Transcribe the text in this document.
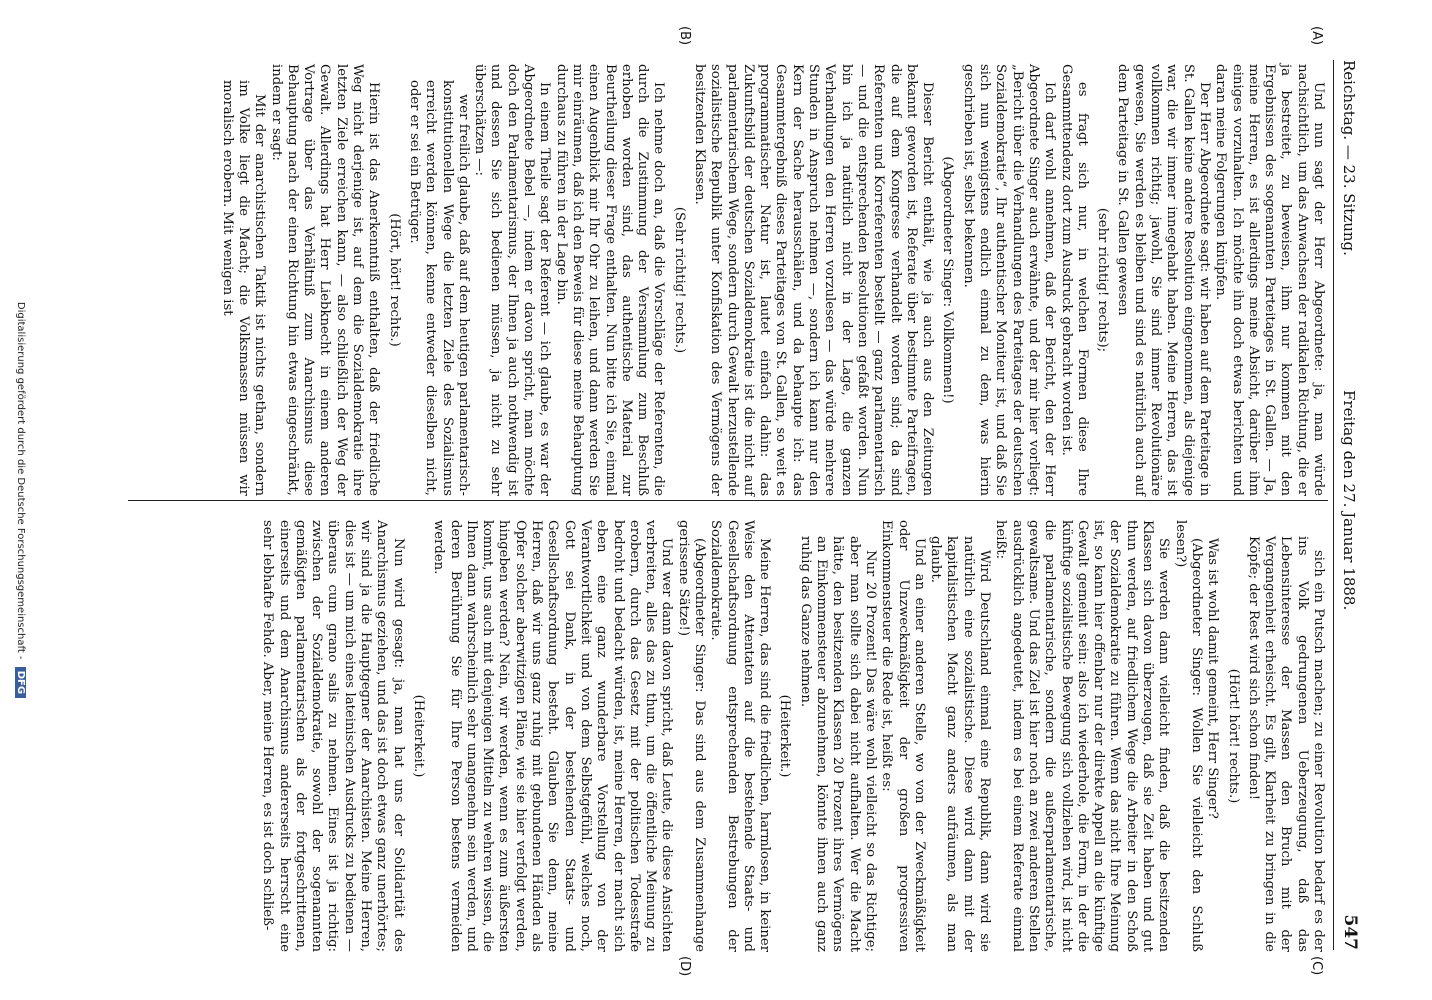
Reichstag. — 23. Sitzung.
Freitag den 27. Januar 1888.
547

Und nun sagt der Herr Abgeordnete: ja, man würde nachsichtlich, um das Anwachsen der radikalen Richtung, die er ja bestreitet, zu beweisen, ihm nur kommen mit den Ergebnissen des sogenannten Parteitages in St. Gallen. — Ja, meine Herren, es ist allerdings meine Absicht, darüber ihm einiges vorzuhalten. Ich möchte ihn doch etwas berichten und daran meine Folgerungen knüpfen.

Der Herr Abgeordnete sagt: wir haben auf dem Parteitage in St. Gallen keine andere Resolution eingenommen, als diejenige war, die wir immer innegehabt haben. Meine Herren, das ist vollkommen richtig; jawohl, Sie sind immer Revolutionäre gewesen, Sie werden es bleiben und sind es natürlich auch auf dem Parteitage in St. Gallen gewesen

(sehr richtig! rechts);

es fragt sich nur, in welchen Formen diese Ihre Gesammttendenz dort zum Ausdruck gebracht worden ist.

Ich darf wohl annehmen, daß der Bericht, den der Herr Abgeordnete Singer auch erwähnte, und der mir hier vorliegt: „Bericht über die Verhandlungen des Parteitages der deutschen Sozialdemokratie“, Ihr authentischer Moniteur ist, und daß Sie sich nun wenigstens endlich einmal zu dem, was hierin geschrieben ist, selbst bekennen.

(Abgeordneter Singer: Vollkommen!)

Dieser Bericht enthält, wie ja auch aus den Zeitungen bekannt geworden ist, Referate über bestimmte Parteifragen, die auf dem Kongresse verhandelt worden sind; da sind Referenten und Korreferenten bestellt — ganz parlamentarisch — und die entsprechenden Resolutionen gefaßt worden. Nun bin ich ja natürlich nicht in der Lage, die ganzen Verhandlungen den Herren vorzulesen — das würde mehrere Stunden in Anspruch nehmen —, sondern ich kann nur den Kern der Sache herausschälen, und da behaupte ich: das Gesammtergebniß dieses Parteitages von St. Gallen, so weit es programmatischer Natur ist, lautet einfach dahin: das Zukunftsbild der deutschen Sozialdemokratie ist die nicht auf parlamentarischem Wege, sondern durch Gewalt herzustellende sozialistische Republik unter Konfiskation des Vermögens der besitzenden Klassen.

(Sehr richtig! rechts.)

Ich nehme doch an, daß die Vorschläge der Referenten, die durch die Zustimmung der Versammlung zum Beschluß erhoben worden sind, das authentische Material zur Beurtheilung dieser Frage enthalten. Nun bitte ich Sie, einmal einen Augenblick mir Ihr Ohr zu leihen, und dann werden Sie mir einräumen, daß ich den Beweis für diese meine Behauptung durchaus zu führen in der Lage bin.

In einem Theile sagt der Referent — ich glaube, es war der Abgeordnete Bebel —, indem er davon spricht, man möchte doch den Parlamentarismus, der Ihnen ja auch nothwendig ist und dessen Sie sich bedienen müssen, ja nicht zu sehr überschätzen —:

wer freilich glaube, daß auf dem heutigen parlamentarisch-konstitutionellen Wege die letzten Ziele des Sozialismus erreicht werden können, kenne entweder dieselben nicht, oder er sei ein Betrüger.

(Hört, hört! rechts.)

Hierin ist das Anerkenntniß enthalten, daß der friedliche Weg nicht derjenige ist, auf dem die Sozialdemokratie ihre letzten Ziele erreichen kann, — also schließlich der Weg der Gewalt. Allerdings hat Herr Liebknecht in einem anderen Vortrage über das Verhältniß zum Anarchismus diese Behauptung nach der einen Richtung hin etwas eingeschränkt, indem er sagt:

Mit der anarchistischen Taktik ist nichts gethan, sondern im Volke liegt die Macht; die Volksmassen müssen wir moralisch erobern. Mit wenigen ist

sich ein Putsch machen; zu einer Revolution bedarf es der ins Volk gedrungenen Ueberzeugung, daß das Lebensinteresse der Massen den Bruch mit der Vergangenheit erheischt. Es gilt, Klarheit zu bringen in die Köpfe; der Rest wird sich schon finden!

(Hört! hört! rechts.)

Was ist wohl damit gemeint, Herr Singer?

(Abgeordneter Singer: Wollen Sie vielleicht den Schluß lesen?)

Sie werden dann vielleicht finden, daß die besitzenden Klassen sich davon überzeugen, daß sie Zeit haben und gut thun werden, auf friedlichem Wege die Arbeiter in den Schoß der Sozialdemokratie zu führen. Wenn das nicht Ihre Meinung ist, so kann hier offenbar nur der direkte Appell an die künftige Gewalt gemeint sein: also ich wiederhole, die Form, in der die künftige sozialistische Bewegung sich vollziehen wird, ist nicht die parlamentarische, sondern die außerparlamentarische, gewaltsame. Und das Ziel ist hier noch an zwei anderen Stellen ausdrücklich angedeutet, indem es bei einem Referate einmal heißt:

Wird Deutschland einmal eine Republik, dann wird sie natürlich eine sozialistische. Diese wird dann mit der kapitalistischen Macht ganz anders aufräumen, als man glaubt.

Und an einer anderen Stelle, wo von der Zweckmäßigkeit oder Unzweckmäßigkeit der großen progressiven Einkommensteuer die Rede ist, heißt es:

Nur 20 Prozent! Das wäre wohl vielleicht so das Richtige; aber man sollte sich dabei nicht aufhalten. Wer die Macht hätte, den besitzenden Klassen 20 Prozent ihres Vermögens an Einkommensteuer abzunehmen, könnte ihnen auch ganz ruhig das Ganze nehmen.

(Heiterkeit.)

Meine Herren, das sind die friedlichen, harmlosen, in keiner Weise den Attentaten auf die bestehende Staats- und Gesellschaftsordnung entsprechenden Bestrebungen der Sozialdemokratie.

(Abgeordneter Singer: Das sind aus dem Zusammenhange gerissene Sätze!)

Und wer dann davon spricht, daß Leute, die diese Ansichten verbreiten, alles das zu thun, um die öffentliche Meinung zu erobern, durch das Gesetz mit der politischen Todesstrafe bedroht und bedacht würden, ist, meine Herren, der macht sich eben eine ganz wunderbare Vorstellung von der Verantwortlichkeit und von dem Selbstgefühl, welches noch, Gott sei Dank, in der bestehenden Staats- und Gesellschaftsordnung besteht. Glauben Sie denn, meine Herren, daß wir uns ganz ruhig mit gebundenen Händen als Opfer solcher aberwitzigen Pläne, wie sie hier verfolgt werden, hingeben werden? Nein, wir werden, wenn es zum äußersten kommt, uns auch mit denjenigen Mitteln zu wehren wissen, die Ihnen dann wahrscheinlich sehr unangenehm sein werden, und deren Berührung Sie für Ihre Person bestens vermeiden werden.

(Heiterkeit.)

Nun wird gesagt: ja, man hat uns der Solidarität des Anarchismus geziehen, und das ist doch etwas ganz unerhörtes; wir sind ja die Hauptgegner der Anarchisten. Meine Herren, dies ist — um mich eines lateinischen Ausdrucks zu bedienen — überaus cum grano salis zu nehmen. Eines ist ja richtig: zwischen der Sozialdemokratie, sowohl der sogenannten gemäßigten parlamentarischen als der fortgeschrittenen, einerseits und dem Anarchismus andererseits herrscht eine sehr lebhafte Fehde. Aber, meine Herren, es ist doch schließ-

(A)
(B)
(C)
(D)
Digitalisierung gefördert durch die Deutsche Forschungsgemeinschaft - DFG
